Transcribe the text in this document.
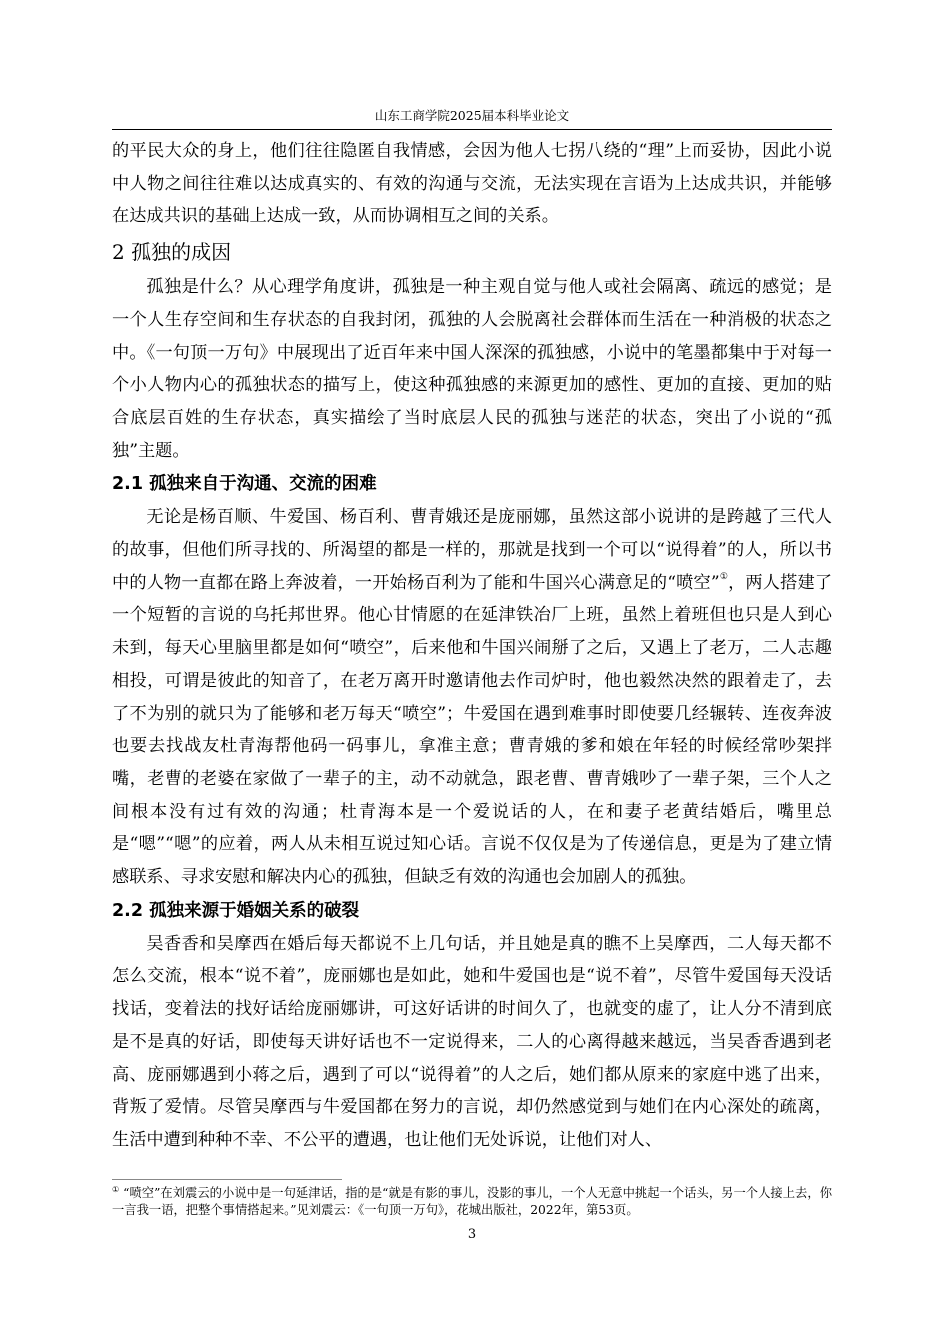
山东工商学院2025届本科毕业论文

的平民大众的身上，他们往往隐匿自我情感，会因为他人七拐八绕的“理”上而妥协，因此小说中人物之间往往难以达成真实的、有效的沟通与交流，无法实现在言语为上达成共识，并能够在达成共识的基础上达成一致，从而协调相互之间的关系。

2 孤独的成因

孤独是什么？从心理学角度讲，孤独是一种主观自觉与他人或社会隔离、疏远的感觉；是一个人生存空间和生存状态的自我封闭，孤独的人会脱离社会群体而生活在一种消极的状态之中。《一句顶一万句》中展现出了近百年来中国人深深的孤独感，小说中的笔墨都集中于对每一个小人物内心的孤独状态的描写上，使这种孤独感的来源更加的感性、更加的直接、更加的贴合底层百姓的生存状态，真实描绘了当时底层人民的孤独与迷茫的状态，突出了小说的“孤独”主题。

2.1 孤独来自于沟通、交流的困难

无论是杨百顺、牛爱国、杨百利、曹青娥还是庞丽娜，虽然这部小说讲的是跨越了三代人的故事，但他们所寻找的、所渴望的都是一样的，那就是找到一个可以“说得着”的人，所以书中的人物一直都在路上奔波着，一开始杨百利为了能和牛国兴心满意足的“喷空”①，两人搭建了一个短暂的言说的乌托邦世界。他心甘情愿的在延津铁冶厂上班，虽然上着班但也只是人到心未到，每天心里脑里都是如何“喷空”，后来他和牛国兴闹掰了之后，又遇上了老万，二人志趣相投，可谓是彼此的知音了，在老万离开时邀请他去作司炉时，他也毅然决然的跟着走了，去了不为别的就只为了能够和老万每天“喷空”；牛爱国在遇到难事时即使要几经辗转、连夜奔波也要去找战友杜青海帮他码一码事儿，拿准主意；曹青娥的爹和娘在年轻的时候经常吵架拌嘴，老曹的老婆在家做了一辈子的主，动不动就急，跟老曹、曹青娥吵了一辈子架，三个人之间根本没有过有效的沟通；杜青海本是一个爱说话的人，在和妻子老黄结婚后，嘴里总是“嗯”“嗯”的应着，两人从未相互说过知心话。言说不仅仅是为了传递信息，更是为了建立情感联系、寻求安慰和解决内心的孤独，但缺乏有效的沟通也会加剧人的孤独。

2.2 孤独来源于婚姻关系的破裂

吴香香和吴摩西在婚后每天都说不上几句话，并且她是真的瞧不上吴摩西，二人每天都不怎么交流，根本“说不着”，庞丽娜也是如此，她和牛爱国也是“说不着”，尽管牛爱国每天没话找话，变着法的找好话给庞丽娜讲，可这好话讲的时间久了，也就变的虚了，让人分不清到底是不是真的好话，即使每天讲好话也不一定说得来，二人的心离得越来越远，当吴香香遇到老高、庞丽娜遇到小蒋之后，遇到了可以“说得着”的人之后，她们都从原来的家庭中逃了出来，背叛了爱情。尽管吴摩西与牛爱国都在努力的言说，却仍然感觉到与她们在内心深处的疏离，生活中遭到种种不幸、不公平的遭遇，也让他们无处诉说，让他们对人、

① “喷空”在刘震云的小说中是一句延津话，指的是“就是有影的事儿，没影的事儿，一个人无意中挑起一个话头，另一个人接上去，你一言我一语，把整个事情搭起来。”见刘震云：《一句顶一万句》，花城出版社，2022年，第53页。
3
